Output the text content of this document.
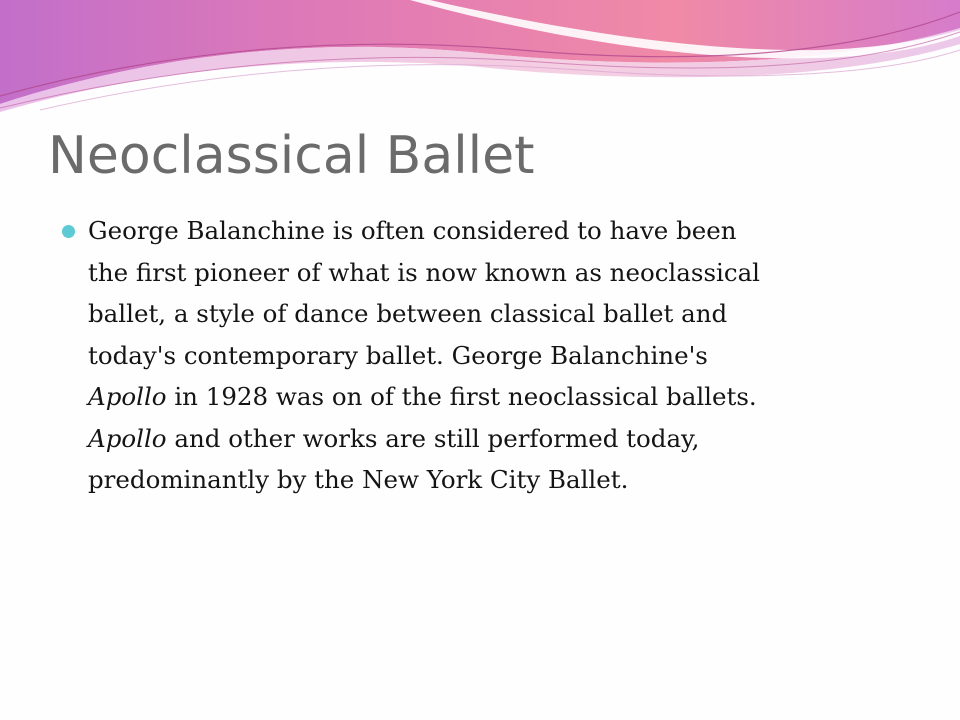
Neoclassical Ballet
George Balanchine is often considered to have been
the first pioneer of what is now known as neoclassical
ballet, a style of dance between classical ballet and
today's contemporary ballet. George Balanchine's
Apollo in 1928 was on of the first neoclassical ballets.
Apollo and other works are still performed today,
predominantly by the New York City Ballet.
